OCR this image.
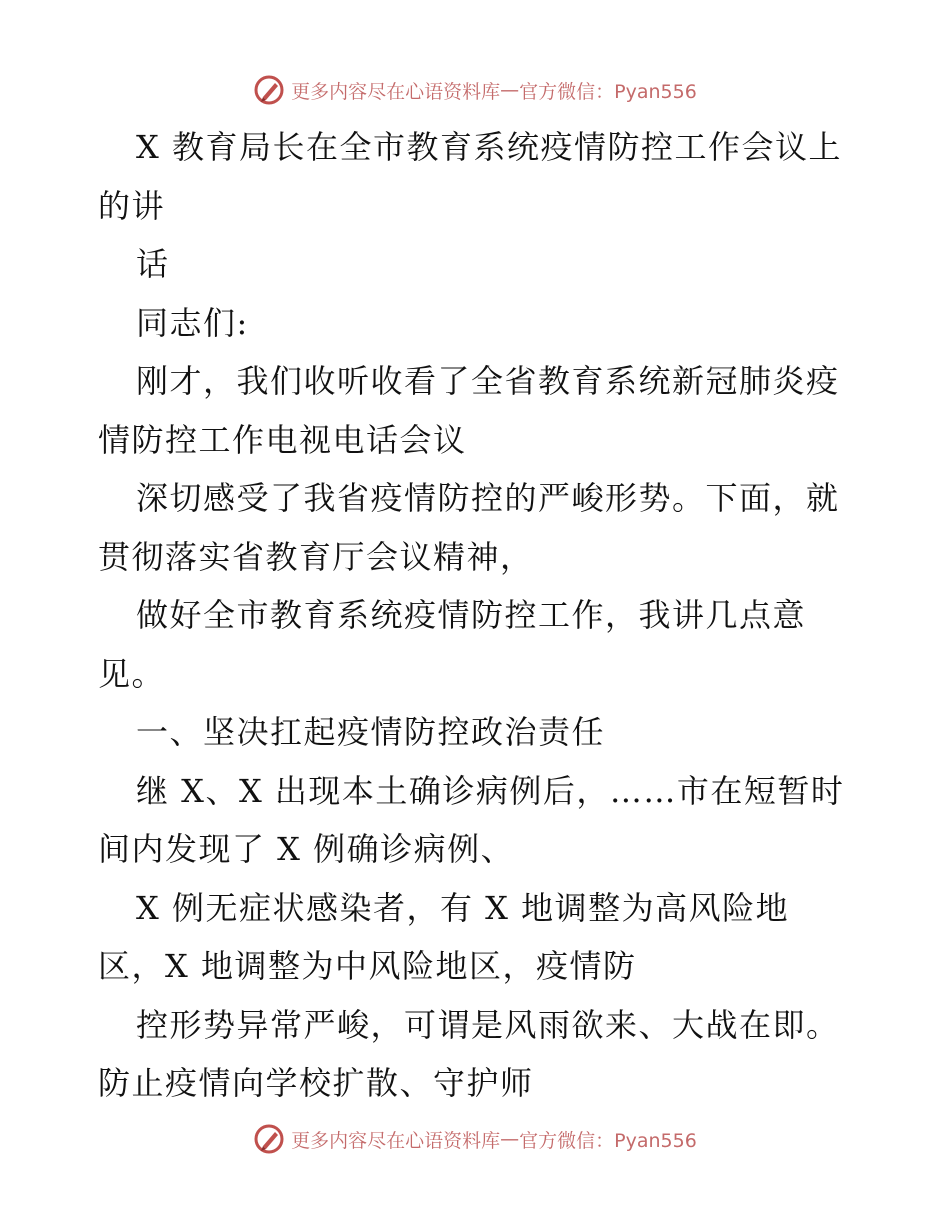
更多内容尽在心语资料库 — 官方微信：Pyan556
X 教育局长在全市教育系统疫情防控工作会议上
的讲
话
同志们:
刚才，我们收听收看了全省教育系统新冠肺炎疫
情防控工作电视电话会议
深切感受了我省疫情防控的严峻形势。下面，就
贯彻落实省教育厅会议精神，
做好全市教育系统疫情防控工作，我讲几点意
见。
一、坚决扛起疫情防控政治责任
继 X、X 出现本土确诊病例后，……市在短暂时
间内发现了 X 例确诊病例、
X 例无症状感染者，有 X 地调整为高风险地
区，X 地调整为中风险地区，疫情防
控形势异常严峻，可谓是风雨欲来、大战在即。
防止疫情向学校扩散、守护师
更多内容尽在心语资料库 — 官方微信：Pyan556
